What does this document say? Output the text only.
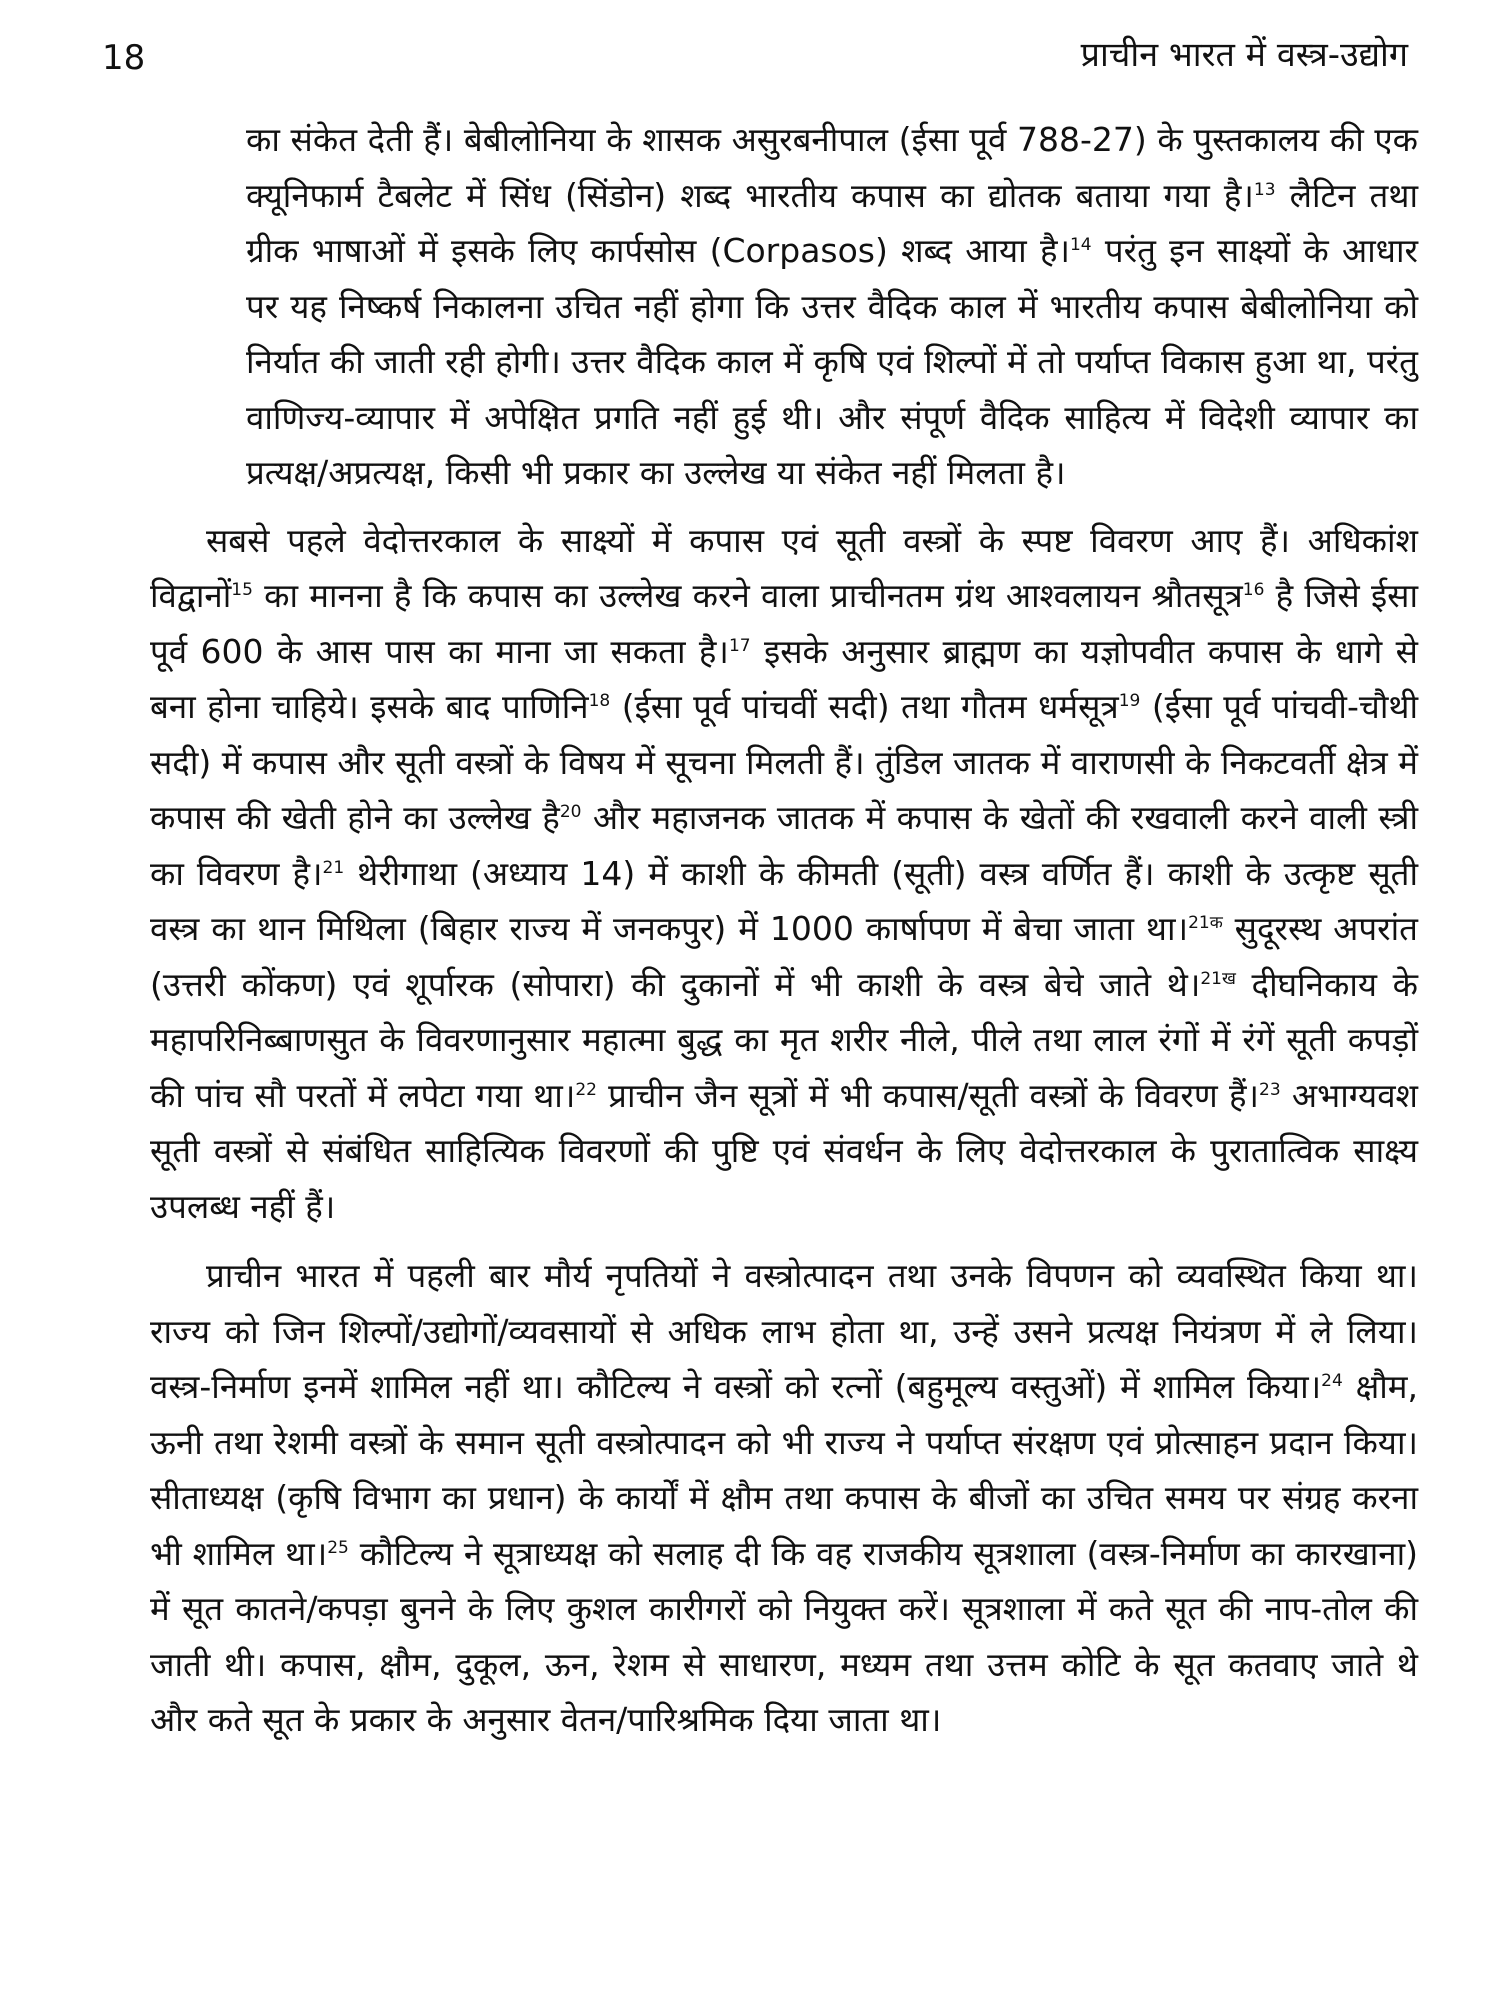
18	प्राचीन भारत में वस्त्र-उद्योग

का संकेत देती हैं। बेबीलोनिया के शासक असुरबनीपाल (ईसा पूर्व 788-27) के पुस्तकालय की एक क्यूनिफार्म टैबलेट में सिंध (सिंडोन) शब्द भारतीय कपास का द्योतक बताया गया है।$^{13}$ लैटिन तथा ग्रीक भाषाओं में इसके लिए कार्पसोस (Corpasos) शब्द आया है।$^{14}$ परंतु इन साक्ष्यों के आधार पर यह निष्कर्ष निकालना उचित नहीं होगा कि उत्तर वैदिक काल में भारतीय कपास बेबीलोनिया को निर्यात की जाती रही होगी। उत्तर वैदिक काल में कृषि एवं शिल्पों में तो पर्याप्त विकास हुआ था, परंतु वाणिज्य-व्यापार में अपेक्षित प्रगति नहीं हुई थी। और संपूर्ण वैदिक साहित्य में विदेशी व्यापार का प्रत्यक्ष/अप्रत्यक्ष, किसी भी प्रकार का उल्लेख या संकेत नहीं मिलता है।

सबसे पहले वेदोत्तरकाल के साक्ष्यों में कपास एवं सूती वस्त्रों के स्पष्ट विवरण आए हैं। अधिकांश विद्वानों$^{15}$ का मानना है कि कपास का उल्लेख करने वाला प्राचीनतम ग्रंथ आश्वलायन श्रौतसूत्र$^{16}$ है जिसे ईसा पूर्व 600 के आस पास का माना जा सकता है।$^{17}$ इसके अनुसार ब्राह्मण का यज्ञोपवीत कपास के धागे से बना होना चाहिये। इसके बाद पाणिनि$^{18}$ (ईसा पूर्व पांचवीं सदी) तथा गौतम धर्मसूत्र$^{19}$ (ईसा पूर्व पांचवी-चौथी सदी) में कपास और सूती वस्त्रों के विषय में सूचना मिलती हैं। तुंडिल जातक में वाराणसी के निकटवर्ती क्षेत्र में कपास की खेती होने का उल्लेख है$^{20}$ और महाजनक जातक में कपास के खेतों की रखवाली करने वाली स्त्री का विवरण है।$^{21}$ थेरीगाथा (अध्याय 14) में काशी के कीमती (सूती) वस्त्र वर्णित हैं। काशी के उत्कृष्ट सूती वस्त्र का थान मिथिला (बिहार राज्य में जनकपुर) में 1000 कार्षापण में बेचा जाता था।$^{21क}$ सुदूरस्थ अपरांत (उत्तरी कोंकण) एवं शूर्पारक (सोपारा) की दुकानों में भी काशी के वस्त्र बेचे जाते थे।$^{21ख}$ दीघनिकाय के महापरिनिब्बाणसुत के विवरणानुसार महात्मा बुद्ध का मृत शरीर नीले, पीले तथा लाल रंगों में रंगें सूती कपड़ों की पांच सौ परतों में लपेटा गया था।$^{22}$ प्राचीन जैन सूत्रों में भी कपास/सूती वस्त्रों के विवरण हैं।$^{23}$ अभाग्यवश सूती वस्त्रों से संबंधित साहित्यिक विवरणों की पुष्टि एवं संवर्धन के लिए वेदोत्तरकाल के पुरातात्विक साक्ष्य उपलब्ध नहीं हैं।

प्राचीन भारत में पहली बार मौर्य नृपतियों ने वस्त्रोत्पादन तथा उनके विपणन को व्यवस्थित किया था। राज्य को जिन शिल्पों/उद्योगों/व्यवसायों से अधिक लाभ होता था, उन्हें उसने प्रत्यक्ष नियंत्रण में ले लिया। वस्त्र-निर्माण इनमें शामिल नहीं था। कौटिल्य ने वस्त्रों को रत्नों (बहुमूल्य वस्तुओं) में शामिल किया।$^{24}$ क्षौम, ऊनी तथा रेशमी वस्त्रों के समान सूती वस्त्रोत्पादन को भी राज्य ने पर्याप्त संरक्षण एवं प्रोत्साहन प्रदान किया। सीताध्यक्ष (कृषि विभाग का प्रधान) के कार्यों में क्षौम तथा कपास के बीजों का उचित समय पर संग्रह करना भी शामिल था।$^{25}$ कौटिल्य ने सूत्राध्यक्ष को सलाह दी कि वह राजकीय सूत्रशाला (वस्त्र-निर्माण का कारखाना) में सूत कातने/कपड़ा बुनने के लिए कुशल कारीगरों को नियुक्त करें। सूत्रशाला में कते सूत की नाप-तोल की जाती थी। कपास, क्षौम, दुकूल, ऊन, रेशम से साधारण, मध्यम तथा उत्तम कोटि के सूत कतवाए जाते थे और कते सूत के प्रकार के अनुसार वेतन/पारिश्रमिक दिया जाता था।
